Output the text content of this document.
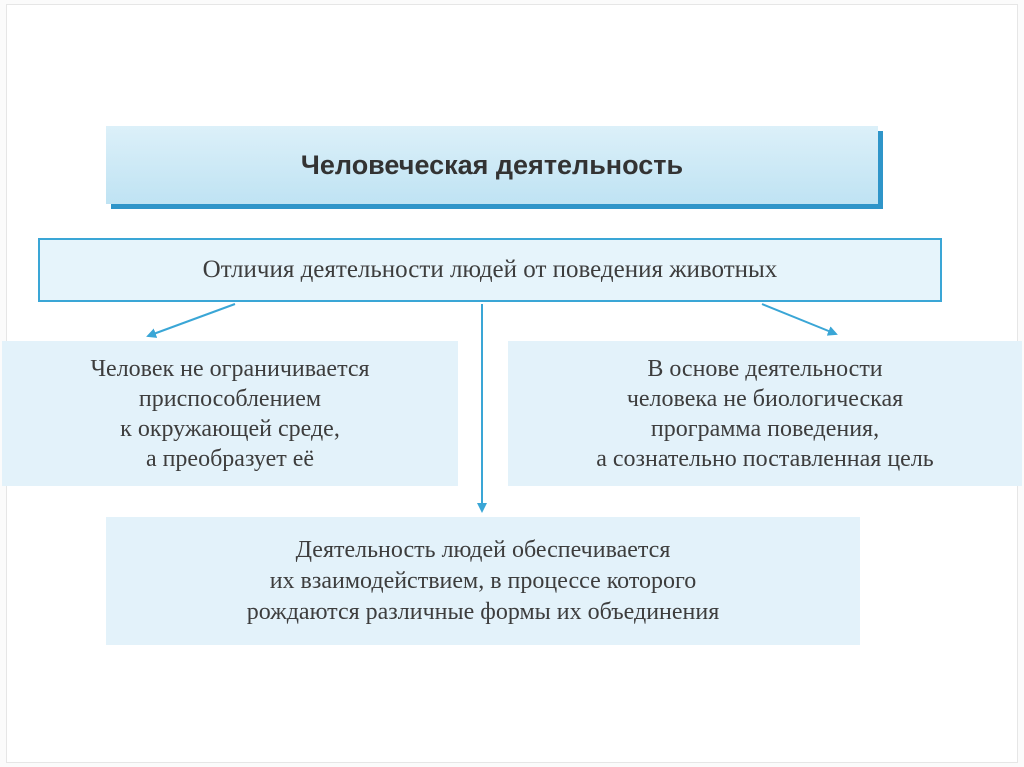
Человеческая деятельность
Отличия деятельности людей от поведения животных
Человек не ограничивается
приспособлением
к окружающей среде,
а преобразует её
В основе деятельности
человека не биологическая
программа поведения,
а сознательно поставленная цель
Деятельность людей обеспечивается
их взаимодействием, в процессе которого
рождаются различные формы их объединения
